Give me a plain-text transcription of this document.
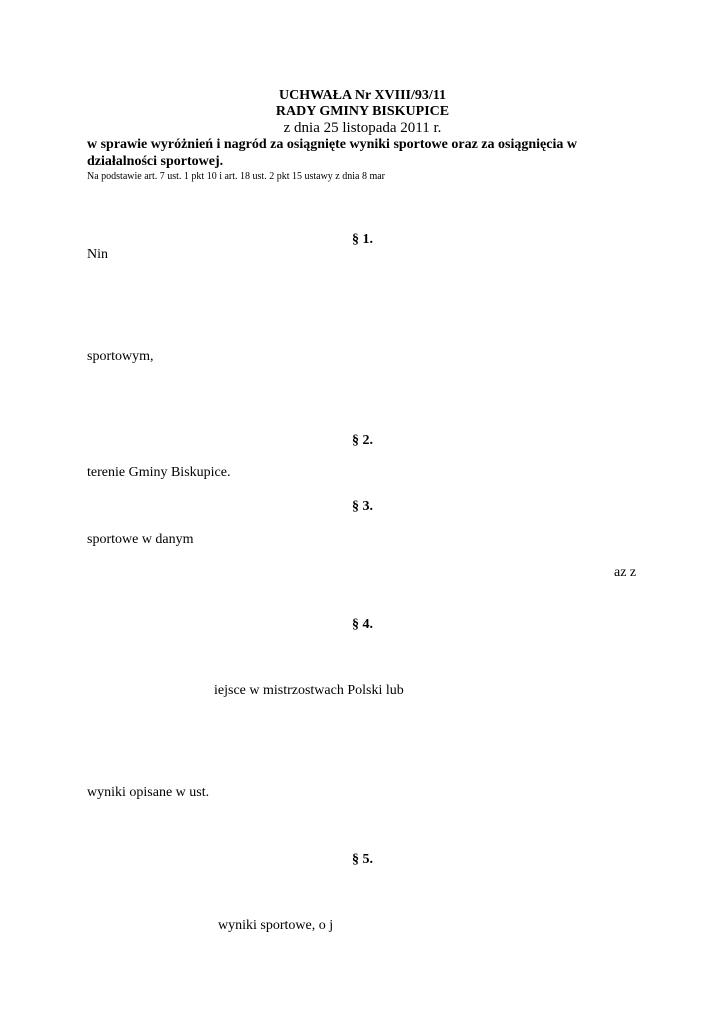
UCHWAŁA Nr XVIII/93/11
RADY GMINY BISKUPICE
z dnia 25 listopada 2011 r.
w sprawie wyróżnień i nagród za osiągnięte wyniki sportowe oraz za osiągnięcia w
działalności sportowej.
Na podstawie art. 7 ust. 1 pkt 10 i art. 18 ust. 2 pkt 15 ustawy z dnia 8 mar
§ 1.
Nin
sportowym,
§ 2.
terenie Gminy Biskupice.
§ 3.
sportowe w danym
az z
§ 4.
iejsce w mistrzostwach Polski lub
wyniki opisane w ust.
§ 5.
wyniki sportowe, o j
